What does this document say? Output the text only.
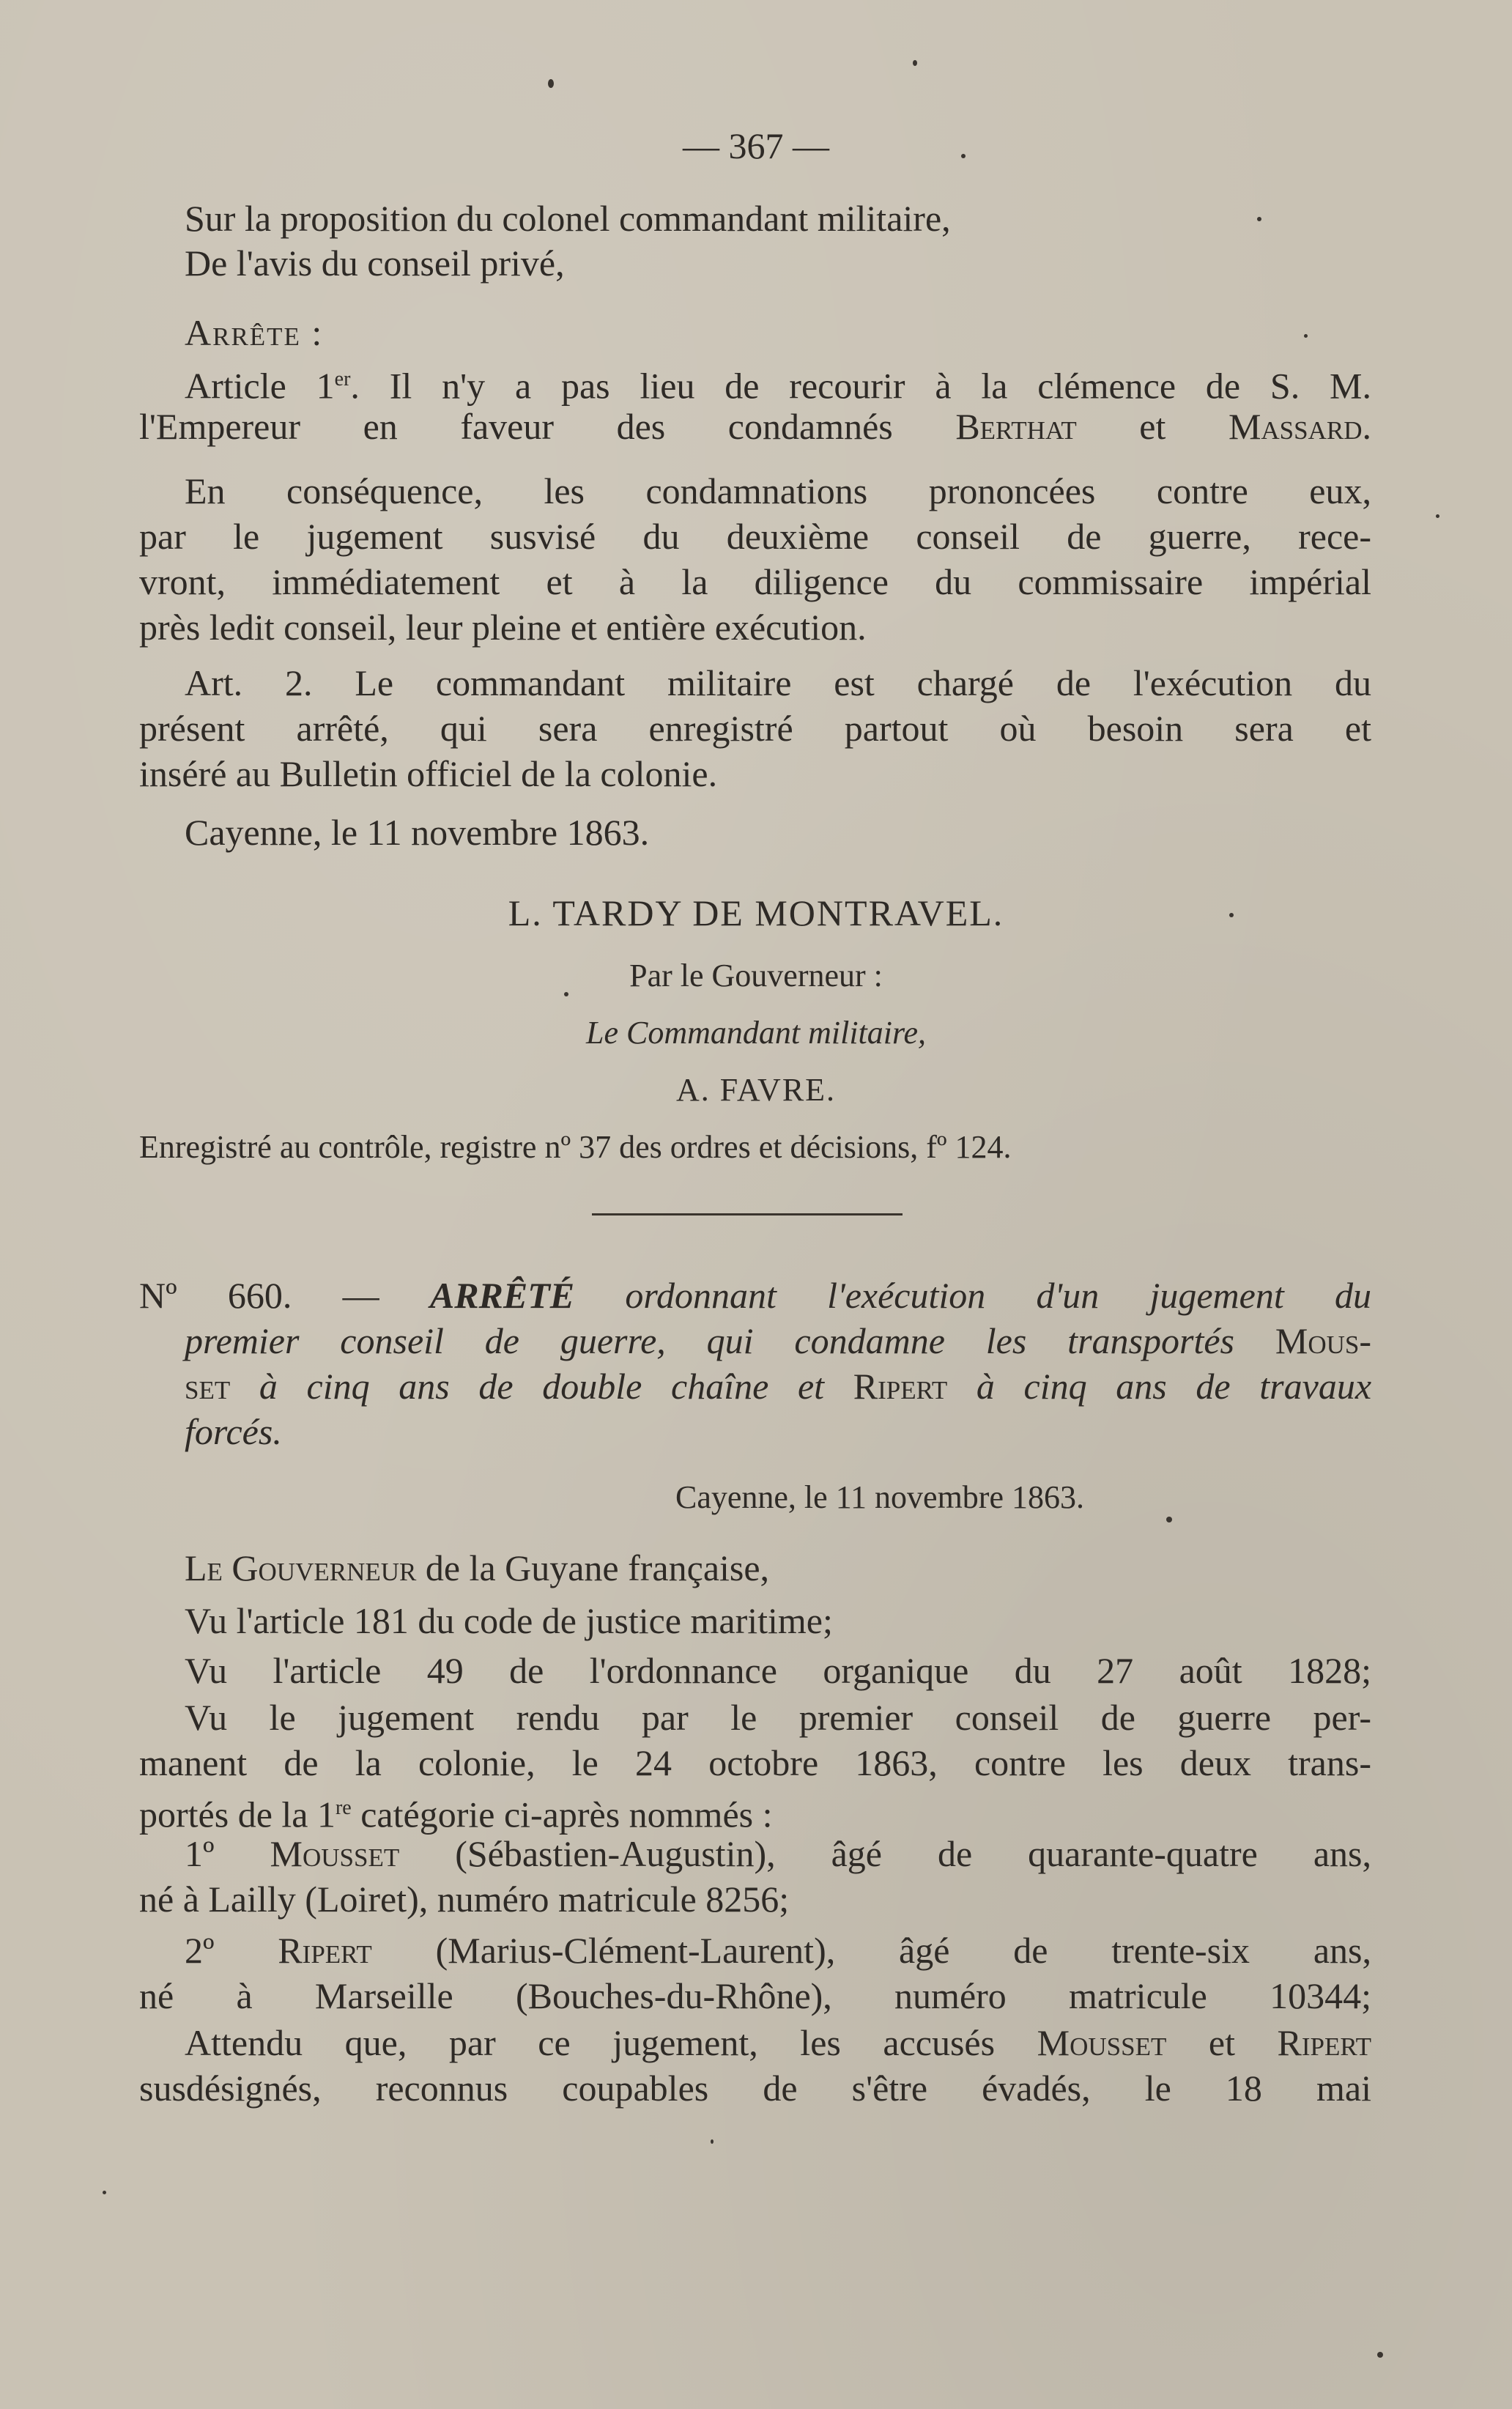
— 367 —
Sur la proposition du colonel commandant militaire,
De l'avis du conseil privé,
Arrête :
Article 1er. Il n'y a pas lieu de recourir à la clémence de S. M.
l'Empereur en faveur des condamnés Berthat et Massard.
En conséquence, les condamnations prononcées contre eux,
par le jugement susvisé du deuxième conseil de guerre, rece-
vront, immédiatement et à la diligence du commissaire impérial
près ledit conseil, leur pleine et entière exécution.
Art. 2. Le commandant militaire est chargé de l'exécution du
présent arrêté, qui sera enregistré partout où besoin sera et
inséré au Bulletin officiel de la colonie.
Cayenne, le 11 novembre 1863.
L. TARDY DE MONTRAVEL.
Par le Gouverneur :
Le Commandant militaire,
A. FAVRE.
Enregistré au contrôle, registre nº 37 des ordres et décisions, fº 124.
Nº 660. — ARRÊTÉ ordonnant l'exécution d'un jugement du
premier conseil de guerre, qui condamne les transportés Mous-
set à cinq ans de double chaîne et Ripert à cinq ans de travaux
forcés.
Cayenne, le 11 novembre 1863.
Le Gouverneur de la Guyane française,
Vu l'article 181 du code de justice maritime;
Vu l'article 49 de l'ordonnance organique du 27 août 1828;
Vu le jugement rendu par le premier conseil de guerre per-
manent de la colonie, le 24 octobre 1863, contre les deux trans-
portés de la 1re catégorie ci-après nommés :
1º Mousset (Sébastien-Augustin), âgé de quarante-quatre ans,
né à Lailly (Loiret), numéro matricule 8256;
2º Ripert (Marius-Clément-Laurent), âgé de trente-six ans,
né à Marseille (Bouches-du-Rhône), numéro matricule 10344;
Attendu que, par ce jugement, les accusés Mousset et Ripert
susdésignés, reconnus coupables de s'être évadés, le 18 mai
